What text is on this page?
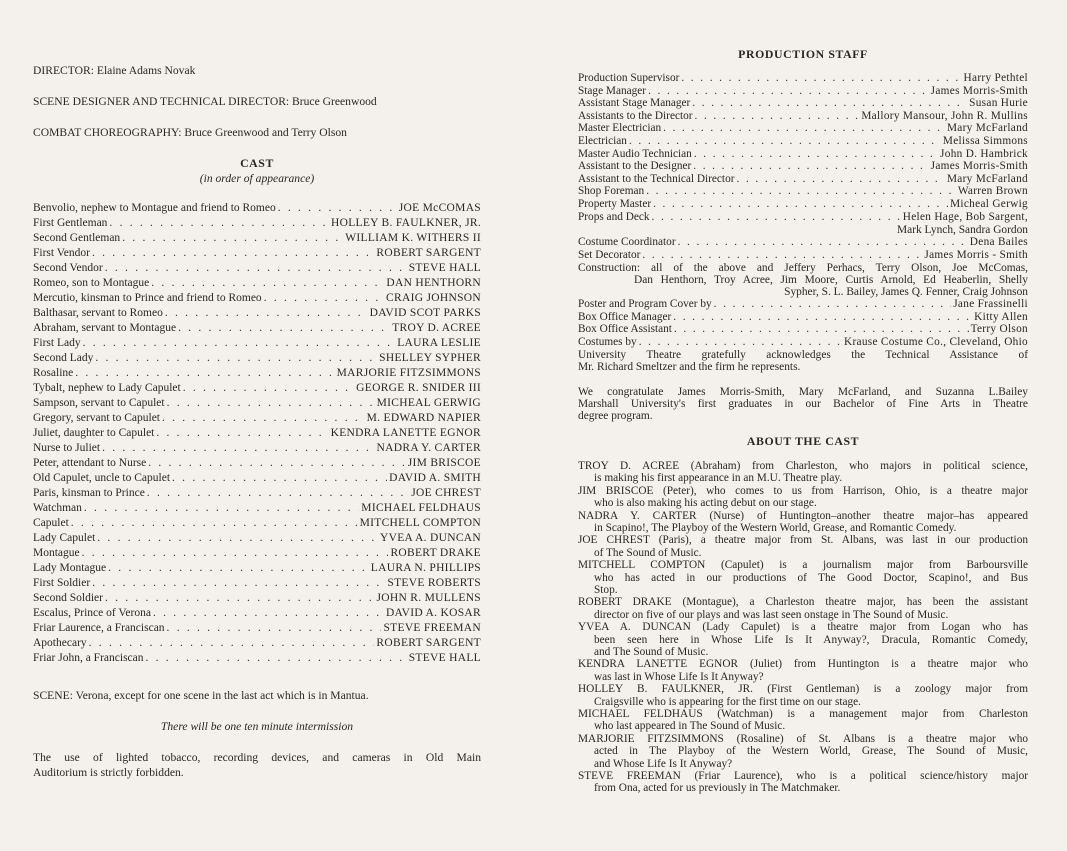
DIRECTOR: Elaine Adams Novak
SCENE DESIGNER AND TECHNICAL DIRECTOR: Bruce Greenwood
COMBAT CHOREOGRAPHY: Bruce Greenwood and Terry Olson
CAST
(in order of appearance)
Benvolio, nephew to Montague and friend to Romeo . . .	JOE McCOMAS
First Gentleman . . .	HOLLEY B. FAULKNER, JR.
Second Gentleman . . .	WILLIAM K. WITHERS II
First Vendor . . .	ROBERT SARGENT
Second Vendor . . .	STEVE HALL
Romeo, son to Montague . . .	DAN HENTHORN
Mercutio, kinsman to Prince and friend to Romeo . . .	CRAIG JOHNSON
Balthasar, servant to Romeo . . .	DAVID SCOT PARKS
Abraham, servant to Montague . . .	TROY D. ACREE
First Lady . . .	LAURA LESLIE
Second Lady . . .	SHELLEY SYPHER
Rosaline . . .	MARJORIE FITZSIMMONS
Tybalt, nephew to Lady Capulet . . .	GEORGE R. SNIDER III
Sampson, servant to Capulet . . .	MICHEAL GERWIG
Gregory, servant to Capulet . . .	M. EDWARD NAPIER
Juliet, daughter to Capulet . . .	KENDRA LANETTE EGNOR
Nurse to Juliet . . .	NADRA Y. CARTER
Peter, attendant to Nurse . . .	JIM BRISCOE
Old Capulet, uncle to Capulet . . .	DAVID A. SMITH
Paris, kinsman to Prince . . .	JOE CHREST
Watchman . . .	MICHAEL FELDHAUS
Capulet . . .	MITCHELL COMPTON
Lady Capulet . . .	YVEA A. DUNCAN
Montague . . .	ROBERT DRAKE
Lady Montague . . .	LAURA N. PHILLIPS
First Soldier . . .	STEVE ROBERTS
Second Soldier . . .	JOHN R. MULLENS
Escalus, Prince of Verona . . .	DAVID A. KOSAR
Friar Laurence, a Franciscan . . .	STEVE FREEMAN
Apothecary . . .	ROBERT SARGENT
Friar John, a Franciscan . . .	STEVE HALL
SCENE: Verona, except for one scene in the last act which is in Mantua.
There will be one ten minute intermission
The use of lighted tobacco, recording devices, and cameras in Old Main
Auditorium is strictly forbidden.
PRODUCTION STAFF
Production Supervisor . . .	Harry Pethtel
Stage Manager . . .	James Morris-Smith
Assistant Stage Manager . . .	Susan Hurie
Assistants to the Director . . .	Mallory Mansour, John R. Mullins
Master Electrician . . .	Mary McFarland
Electrician . . .	Melissa Simmons
Master Audio Technician . . .	John D. Hambrick
Assistant to the Designer . . .	James Morris-Smith
Assistant to the Technical Director . . .	Mary McFarland
Shop Foreman . . .	Warren Brown
Property Master . . .	Micheal Gerwig
Props and Deck . . .	Helen Hage, Bob Sargent,
Mark Lynch, Sandra Gordon
Costume Coordinator . . .	Dena Bailes
Set Decorator . . .	James Morris - Smith
Construction: all of the above and Jeffery Perhacs, Terry Olson, Joe McComas,
Dan Henthorn, Troy Acree, Jim Moore, Curtis Arnold, Ed Heaberlin, Shelly
Sypher, S. L. Bailey, James Q. Fenner, Craig Johnson
Poster and Program Cover by . . .	Jane Frassinelli
Box Office Manager . . .	Kitty Allen
Box Office Assistant . . .	Terry Olson
Costumes by . . .	Krause Costume Co., Cleveland, Ohio
University Theatre gratefully acknowledges the Technical Assistance of
Mr. Richard Smeltzer and the firm he represents.
We congratulate James Morris-Smith, Mary McFarland, and Suzanna L.Bailey
Marshall University's first graduates in our Bachelor of Fine Arts in Theatre
degree program.
ABOUT THE CAST
TROY D. ACREE (Abraham) from Charleston, who majors in political science,
is making his first appearance in an M.U. Theatre play.
JIM BRISCOE (Peter), who comes to us from Harrison, Ohio, is a theatre major
who is also making his acting debut on our stage.
NADRA Y. CARTER (Nurse) of Huntington–another theatre major–has appeared
in Scapino!, The Playboy of the Western World, Grease, and Romantic Comedy.
JOE CHREST (Paris), a theatre major from St. Albans, was last in our production
of The Sound of Music.
MITCHELL COMPTON (Capulet) is a journalism major from Barboursville
who has acted in our productions of The Good Doctor, Scapino!, and Bus
Stop.
ROBERT DRAKE (Montague), a Charleston theatre major, has been the assistant
director on five of our plays and was last seen onstage in The Sound of Music.
YVEA A. DUNCAN (Lady Capulet) is a theatre major from Logan who has
been seen here in Whose Life Is It Anyway?, Dracula, Romantic Comedy,
and The Sound of Music.
KENDRA LANETTE EGNOR (Juliet) from Huntington is a theatre major who
was last in Whose Life Is It Anyway?
HOLLEY B. FAULKNER, JR. (First Gentleman) is a zoology major from
Craigsville who is appearing for the first time on our stage.
MICHAEL FELDHAUS (Watchman) is a management major from Charleston
who last appeared in The Sound of Music.
MARJORIE FITZSIMMONS (Rosaline) of St. Albans is a theatre major who
acted in The Playboy of the Western World, Grease, The Sound of Music,
and Whose Life Is It Anyway?
STEVE FREEMAN (Friar Laurence), who is a political science/history major
from Ona, acted for us previously in The Matchmaker.
